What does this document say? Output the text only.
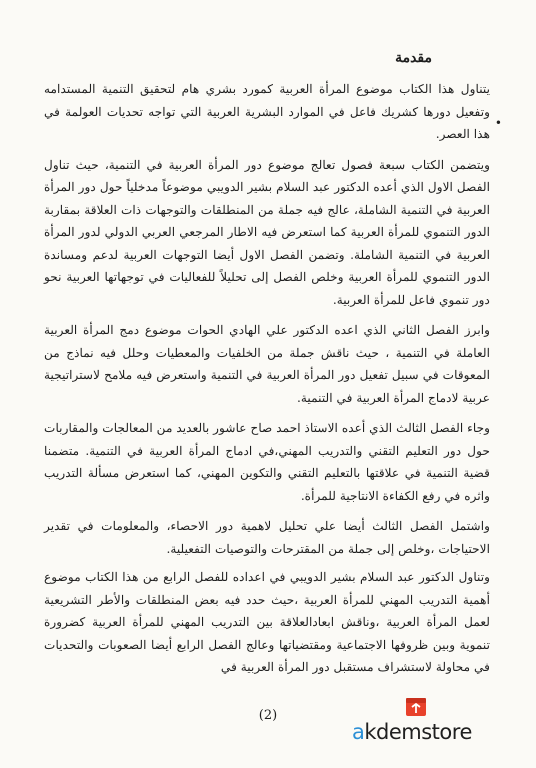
مقدمة
•

يتناول هذا الكتاب موضوع المرأة العربية كمورد بشري هام لتحقيق التنمية المستدامه وتفعيل دورها كشريك فاعل في الموارد البشرية العربية التي تواجه تحديات العولمة في هذا العصر.

ويتضمن الكتاب سبعة فصول تعالج موضوع دور المرأة العربية في التنمية، حيث تناول الفصل الاول الذي أعده الدكتور عبد السلام بشير الدويبي موضوعاً مدخلياً حول دور المرأة العربية في التنمية الشاملة، عالج فيه جملة من المنطلقات والتوجهات ذات العلاقة بمقاربة الدور التنموي للمرأة العربية كما استعرض فيه الاطار المرجعي العربي الدولي لدور المرأة العربية في التنمية الشاملة. وتضمن الفصل الاول أيضا التوجهات العربية لدعم ومساندة الدور التنموي للمرأة العربية وخلص الفصل إلى تحليلاً للفعاليات في توجهاتها العربية نحو دور تنموي فاعل للمرأة العربية.

وابرز الفصل الثاني الذي اعده الدكتور علي الهادي الحوات موضوع دمج المرأة العربية العاملة في التنمية ، حيث ناقش جملة من الخلفيات والمعطيات وحلل فيه نماذج من المعوقات في سبيل تفعيل دور المرأة العربية في التنمية واستعرض فيه ملامح لاستراتيجية عربية لادماج المرأة العربية في التنمية.

وجاء الفصل الثالث الذي أعده الاستاذ احمد صاح عاشور بالعديد من المعالجات والمقاربات حول دور التعليم التقني والتدريب المهني،في ادماج المرأة العربية في التنمية. متضمنا قضية التنمية في علاقتها بالتعليم التقني والتكوين المهني، كما استعرض مسألة التدريب واثره في رفع الكفاءة الانتاجية للمرأة.

واشتمل الفصل الثالث أيضا علي تحليل لاهمية دور الاحصاء، والمعلومات في تقدير الاحتياجات ،وخلص إلى جملة من المقترحات والتوصيات التفعيلية.

وتناول الدكتور عبد السلام بشير الدويبي في اعداده للفصل الرابع من هذا الكتاب موضوع أهمية التدريب المهني للمرأة العربية ،حيث حدد فيه بعض المنطلقات والأطر التشريعية لعمل المرأة العربية ،وناقش ابعادالعلاقة بين التدريب المهني للمرأة العربية كضرورة تنموية وبين ظروفها الاجتماعية ومقتضياتها وعالج الفصل الرابع أيضا الصعوبات والتحديات في محاولة لاستشراف مستقبل دور المرأة العربية في

(2)
akdemstore
